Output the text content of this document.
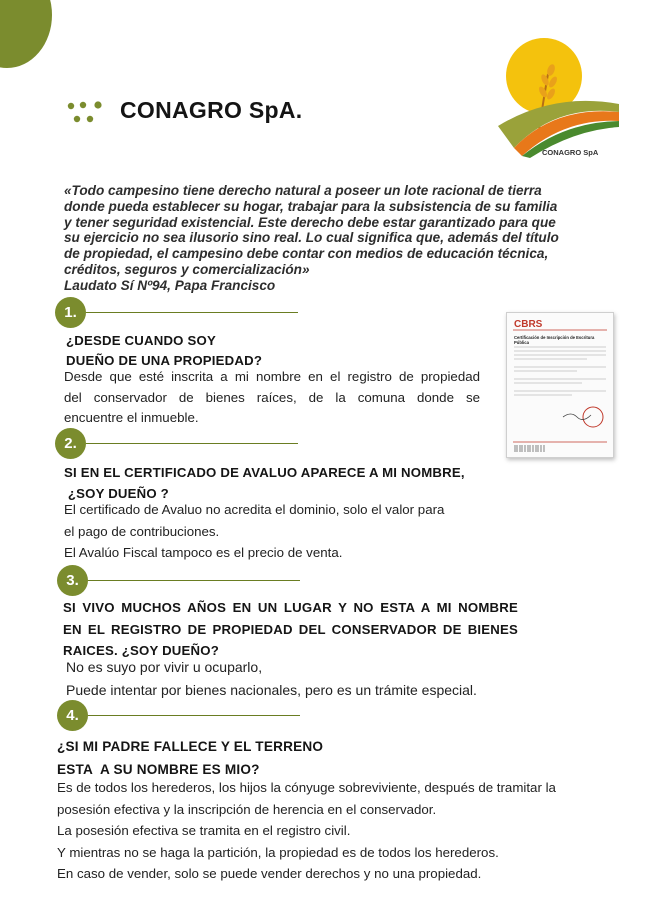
CONAGRO SpA.
CONAGRO SpA
«Todo campesino tiene derecho natural a poseer un lote racional de tierra
donde pueda establecer su hogar, trabajar para la subsistencia de su familia
y tener seguridad existencial. Este derecho debe estar garantizado para que
su ejercicio no sea ilusorio sino real. Lo cual significa que, además del título
de propiedad, el campesino debe contar con medios de educación técnica,
créditos, seguros y comercialización»
Laudato Sí Nº94, Papa Francisco
CBRS
Certificación de Inscripción de Escritura Pública
1.
¿DESDE CUANDO SOY
DUEÑO DE UNA PROPIEDAD?
Desde que esté inscrita a mi nombre en el registro de propiedad
del conservador de bienes raíces, de la comuna donde se
encuentre el inmueble.
2.
SI EN EL CERTIFICADO DE AVALUO APARECE A MI NOMBRE,
¿SOY DUEÑO ?
El certificado de Avaluo no acredita el dominio, solo el valor para
el pago de contribuciones.
El Avalúo Fiscal tampoco es el precio de venta.
3.
SI VIVO MUCHOS AÑOS EN UN LUGAR Y NO ESTA A MI NOMBRE
EN EL REGISTRO DE PROPIEDAD DEL CONSERVADOR DE BIENES
RAICES. ¿SOY DUEÑO?
No es suyo por vivir u ocuparlo,
Puede intentar por bienes nacionales, pero es un trámite especial.
4.
¿SI MI PADRE FALLECE Y EL TERRENO
ESTA  A SU NOMBRE ES MIO?
Es de todos los herederos, los hijos la cónyuge sobreviviente, después de tramitar la
posesión efectiva y la inscripción de herencia en el conservador.
La posesión efectiva se tramita en el registro civil.
Y mientras no se haga la partición, la propiedad es de todos los herederos.
En caso de vender, solo se puede vender derechos y no una propiedad.
